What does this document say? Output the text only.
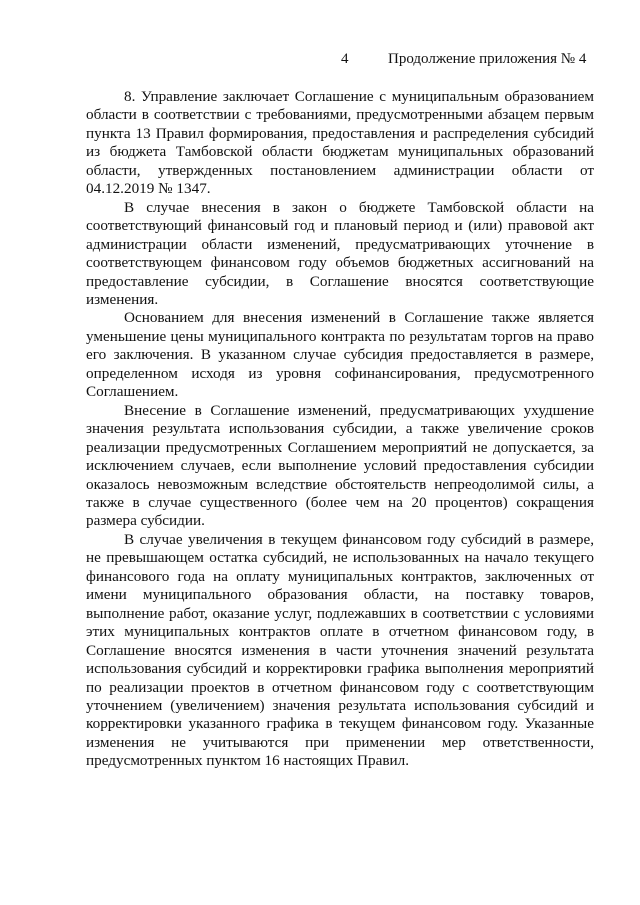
4	Продолжение приложения № 4

8. Управление заключает Соглашение с муниципальным образованием области в соответствии с требованиями, предусмотренными абзацем первым пункта 13 Правил формирования, предоставления и распределения субсидий из бюджета Тамбовской области бюджетам муниципальных образований области, утвержденных постановлением администрации области от 04.12.2019 № 1347.

В случае внесения в закон о бюджете Тамбовской области на соответствующий финансовый год и плановый период и (или) правовой акт администрации области изменений, предусматривающих уточнение в соответствующем финансовом году объемов бюджетных ассигнований на предоставление субсидии, в Соглашение вносятся соответствующие изменения.

Основанием для внесения изменений в Соглашение также является уменьшение цены муниципального контракта по результатам торгов на право его заключения. В указанном случае субсидия предоставляется в размере, определенном исходя из уровня софинансирования, предусмотренного Соглашением.

Внесение в Соглашение изменений, предусматривающих ухудшение значения результата использования субсидии, а также увеличение сроков реализации предусмотренных Соглашением мероприятий не допускается, за исключением случаев, если выполнение условий предоставления субсидии оказалось невозможным вследствие обстоятельств непреодолимой силы, а также в случае существенного (более чем на 20 процентов) сокращения размера субсидии.

В случае увеличения в текущем финансовом году субсидий в размере, не превышающем остатка субсидий, не использованных на начало текущего финансового года на оплату муниципальных контрактов, заключенных от имени муниципального образования области, на поставку товаров, выполнение работ, оказание услуг, подлежавших в соответствии с условиями этих муниципальных контрактов оплате в отчетном финансовом году, в Соглашение вносятся изменения в части уточнения значений результата использования субсидий и корректировки графика выполнения мероприятий по реализации проектов в отчетном финансовом году с соответствующим уточнением (увеличением) значения результата использования субсидий и корректировки указанного графика в текущем финансовом году. Указанные изменения не учитываются при применении мер ответственности, предусмотренных пунктом 16 настоящих Правил.
